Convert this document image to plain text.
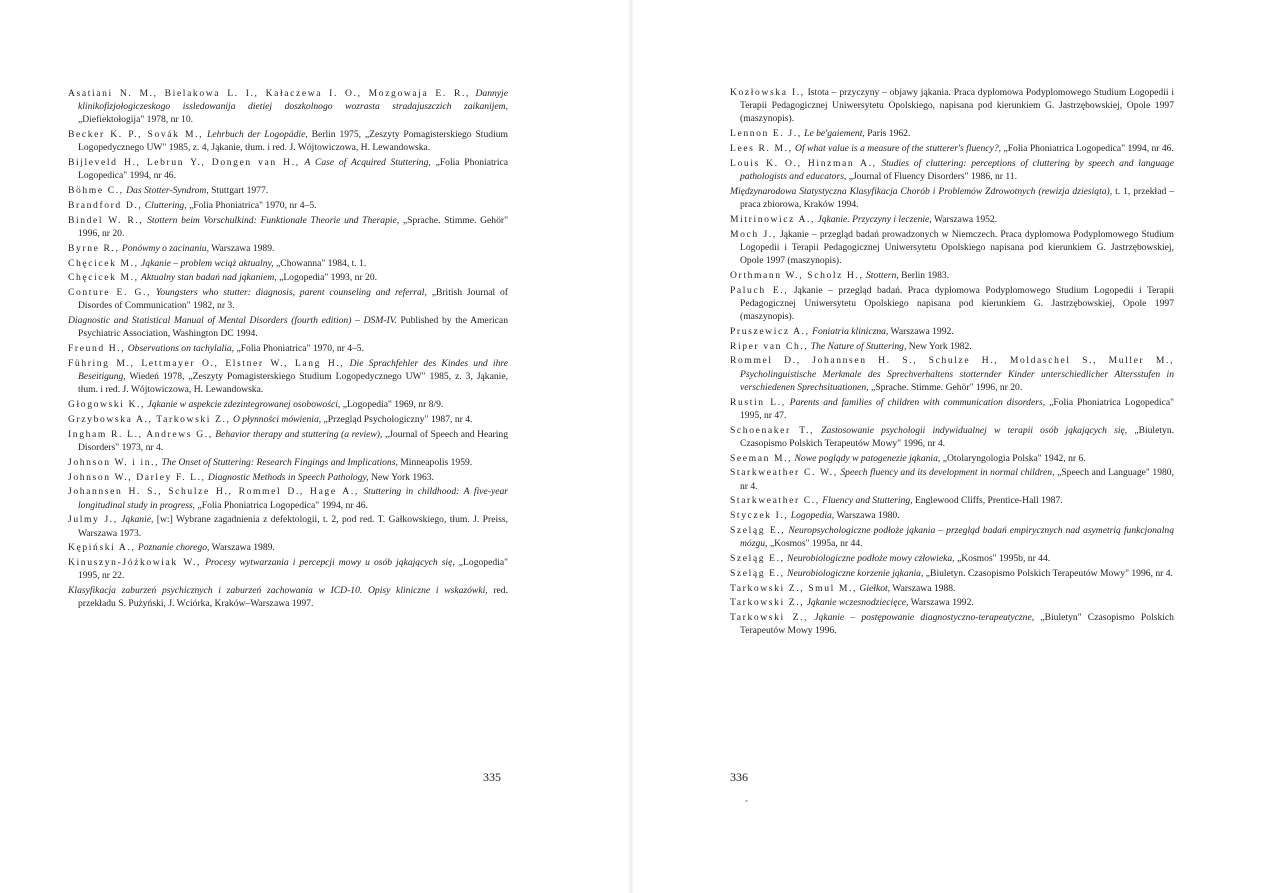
Asatiani N. M., Bielakowa L. I., Kałaczewa I. O., Mozgowaja E. R., Dannyje klinikofizjołogiczeskogo issledowanija dietiej doszkolnogo wozrasta stradajuszczich zaikanijem, „Diefiektołogija" 1978, nr 10.

Becker K. P., Sovák M., Lehrbuch der Logopädie, Berlin 1975, „Zeszyty Pomagisterskiego Studium Logopedycznego UW" 1985, z. 4, Jąkanie, tłum. i red. J. Wójtowiczowa, H. Lewandowska.

Bijleveld H., Lebrun Y., Dongen van H., A Case of Acquired Stuttering, „Folia Phoniatrica Logopedica" 1994, nr 46.

Böhme C., Das Stotter-Syndrom, Stuttgart 1977.

Brandford D., Cluttering, „Folia Phoniatrica" 1970, nr 4–5.

Bindel W. R., Stottern beim Vorschulkind: Funktionale Theorie und Therapie, „Sprache. Stimme. Gehör" 1996, nr 20.

Byrne R., Ponówmy o zacinaniu, Warszawa 1989.

Chęcicek M., Jąkanie – problem wciąż aktualny, „Chowanna" 1984, t. 1.

Chęcicek M., Aktualny stan badań nad jąkaniem, „Logopedia" 1993, nr 20.

Conture E. G., Youngsters who stutter: diagnosis, parent counseling and referral, „British Journal of Disordes of Communication" 1982, nr 3.

Diagnostic and Statistical Manual of Mental Disorders (fourth edition) – DSM-IV. Published by the American Psychiatric Association, Washington DC 1994.

Freund H., Observations on tachylalia, „Folia Phoniatrica" 1970, nr 4–5.

Führing M., Lettmayer O., Elstner W., Lang H., Die Sprachfehler des Kindes und ihre Beseitigung, Wiedeń 1978, „Zeszyty Pomagisterskiego Studium Logopedycznego UW" 1985, z. 3, Jąkanie, tłum. i red. J. Wójtowiczowa, H. Lewandowska.

Głogowski K., Jąkanie w aspekcie zdezintegrowanej osobowości, „Logopedia" 1969, nr 8/9.

Grzybowska A., Tarkowski Z., O płynności mówienia, „Przegląd Psychologiczny" 1987, nr 4.

Ingham R. L., Andrews G., Behavior therapy and stuttering (a review), „Journal of Speech and Hearing Disorders" 1973, nr 4.

Johnson W. i in., The Onset of Stuttering: Research Fingings and Implications, Minneapolis 1959.

Johnson W., Darley F. L., Diagnostic Methods in Speech Pathology, New York 1963.

Johannsen H. S., Schulze H., Rommel D., Hage A., Stuttering in childhood: A five-year longitudinal study in progress, „Folia Phoniatrica Logopedica" 1994, nr 46.

Julmy J., Jąkanie, [w:] Wybrane zagadnienia z defektologii, t. 2, pod red. T. Gałkowskiego, tłum. J. Preiss, Warszawa 1973.

Kępiński A., Poznanie chorego, Warszawa 1989.

Kinuszyn-Jóźkowiak W., Procesy wytwarzania i percepcji mowy u osób jąkających się, „Logopedia" 1995, nr 22.

Klasyfikacja zaburzeń psychicznych i zaburzeń zachowania w ICD-10. Opisy kliniczne i wskazówki, red. przekładu S. Pużyński, J. Wciórka, Kraków–Warszawa 1997.

335

Kozłowska I., Istota – przyczyny – objawy jąkania. Praca dyplomowa Podyplomowego Studium Logopedii i Terapii Pedagogicznej Uniwersytetu Opolskiego, napisana pod kierunkiem G. Jastrzębowskiej, Opole 1997 (maszynopis).

Lennon E. J., Le be'gaiement, Paris 1962.

Lees R. M., Of what value is a measure of the stutterer's fluency?, „Folia Phoniatrica Logopedica" 1994, nr 46.

Louis K. O., Hinzman A., Studies of cluttering: perceptions of cluttering by speech and language pathologists and educators, „Journal of Fluency Disorders" 1986, nr 11.

Międzynarodowa Statystyczna Klasyfikacja Chorób i Problemów Zdrowotnych (rewizja dziesiąta), t. 1, przekład – praca zbiorowa, Kraków 1994.

Mitrinowicz A., Jąkanie. Przyczyny i leczenie, Warszawa 1952.

Moch J., Jąkanie – przegląd badań prowadzonych w Niemczech. Praca dyplomowa Podyplomowego Studium Logopedii i Terapii Pedagogicznej Uniwersytetu Opolskiego napisana pod kierunkiem G. Jastrzębowskiej, Opole 1997 (maszynopis).

Orthmann W., Scholz H., Stottern, Berlin 1983.

Paluch E., Jąkanie – przegląd badań. Praca dyplomowa Podyplomowego Studium Logopedii i Terapii Pedagogicznej Uniwersytetu Opolskiego napisana pod kierunkiem G. Jastrzębowskiej, Opole 1997 (maszynopis).

Pruszewicz A., Foniatria kliniczna, Warszawa 1992.

Riper van Ch., The Nature of Stuttering, New York 1982.

Rommel D., Johannsen H. S., Schulze H., Moldaschel S., Muller M., Psycholinguistische Merkmale des Sprechverhaltens stotternder Kinder unterschiedlicher Altersstufen in verschiedenen Sprechsituationen, „Sprache. Stimme. Gehör" 1996, nr 20.

Rustin L., Parents and families of children with communication disorders, „Folia Phoniatrica Logopedica" 1995, nr 47.

Schoenaker T., Zastosowanie psychologii indywidualnej w terapii osób jąkających się, „Biuletyn. Czasopismo Polskich Terapeutów Mowy" 1996, nr 4.

Seeman M., Nowe poglądy w patogenezie jąkania, „Otolaryngologia Polska" 1942, nr 6.

Starkweather C. W., Speech fluency and its development in normal children, „Speech and Language" 1980, nr 4.

Starkweather C., Fluency and Stuttering, Englewood Cliffs, Prentice-Hall 1987.

Styczek I., Logopedia, Warszawa 1980.

Szeląg E., Neuropsychologiczne podłoże jąkania – przegląd badań empirycznych nad asymetrią funkcjonalną mózgu, „Kosmos" 1995a, nr 44.

Szeląg E., Neurobiologiczne podłoże mowy człowieka, „Kosmos" 1995b, nr 44.

Szeląg E., Neurobiologiczne korzenie jąkania, „Biuletyn. Czasopismo Polskich Terapeutów Mowy" 1996, nr 4.

Tarkowski Z., Smul M., Giełkot, Warszawa 1988.

Tarkowski Z., Jąkanie wczesnodziecięce, Warszawa 1992.

Tarkowski Z., Jąkanie – postępowanie diagnostyczno-terapeutyczne, „Biuletyn" Czasopismo Polskich Terapeutów Mowy 1996.

336
